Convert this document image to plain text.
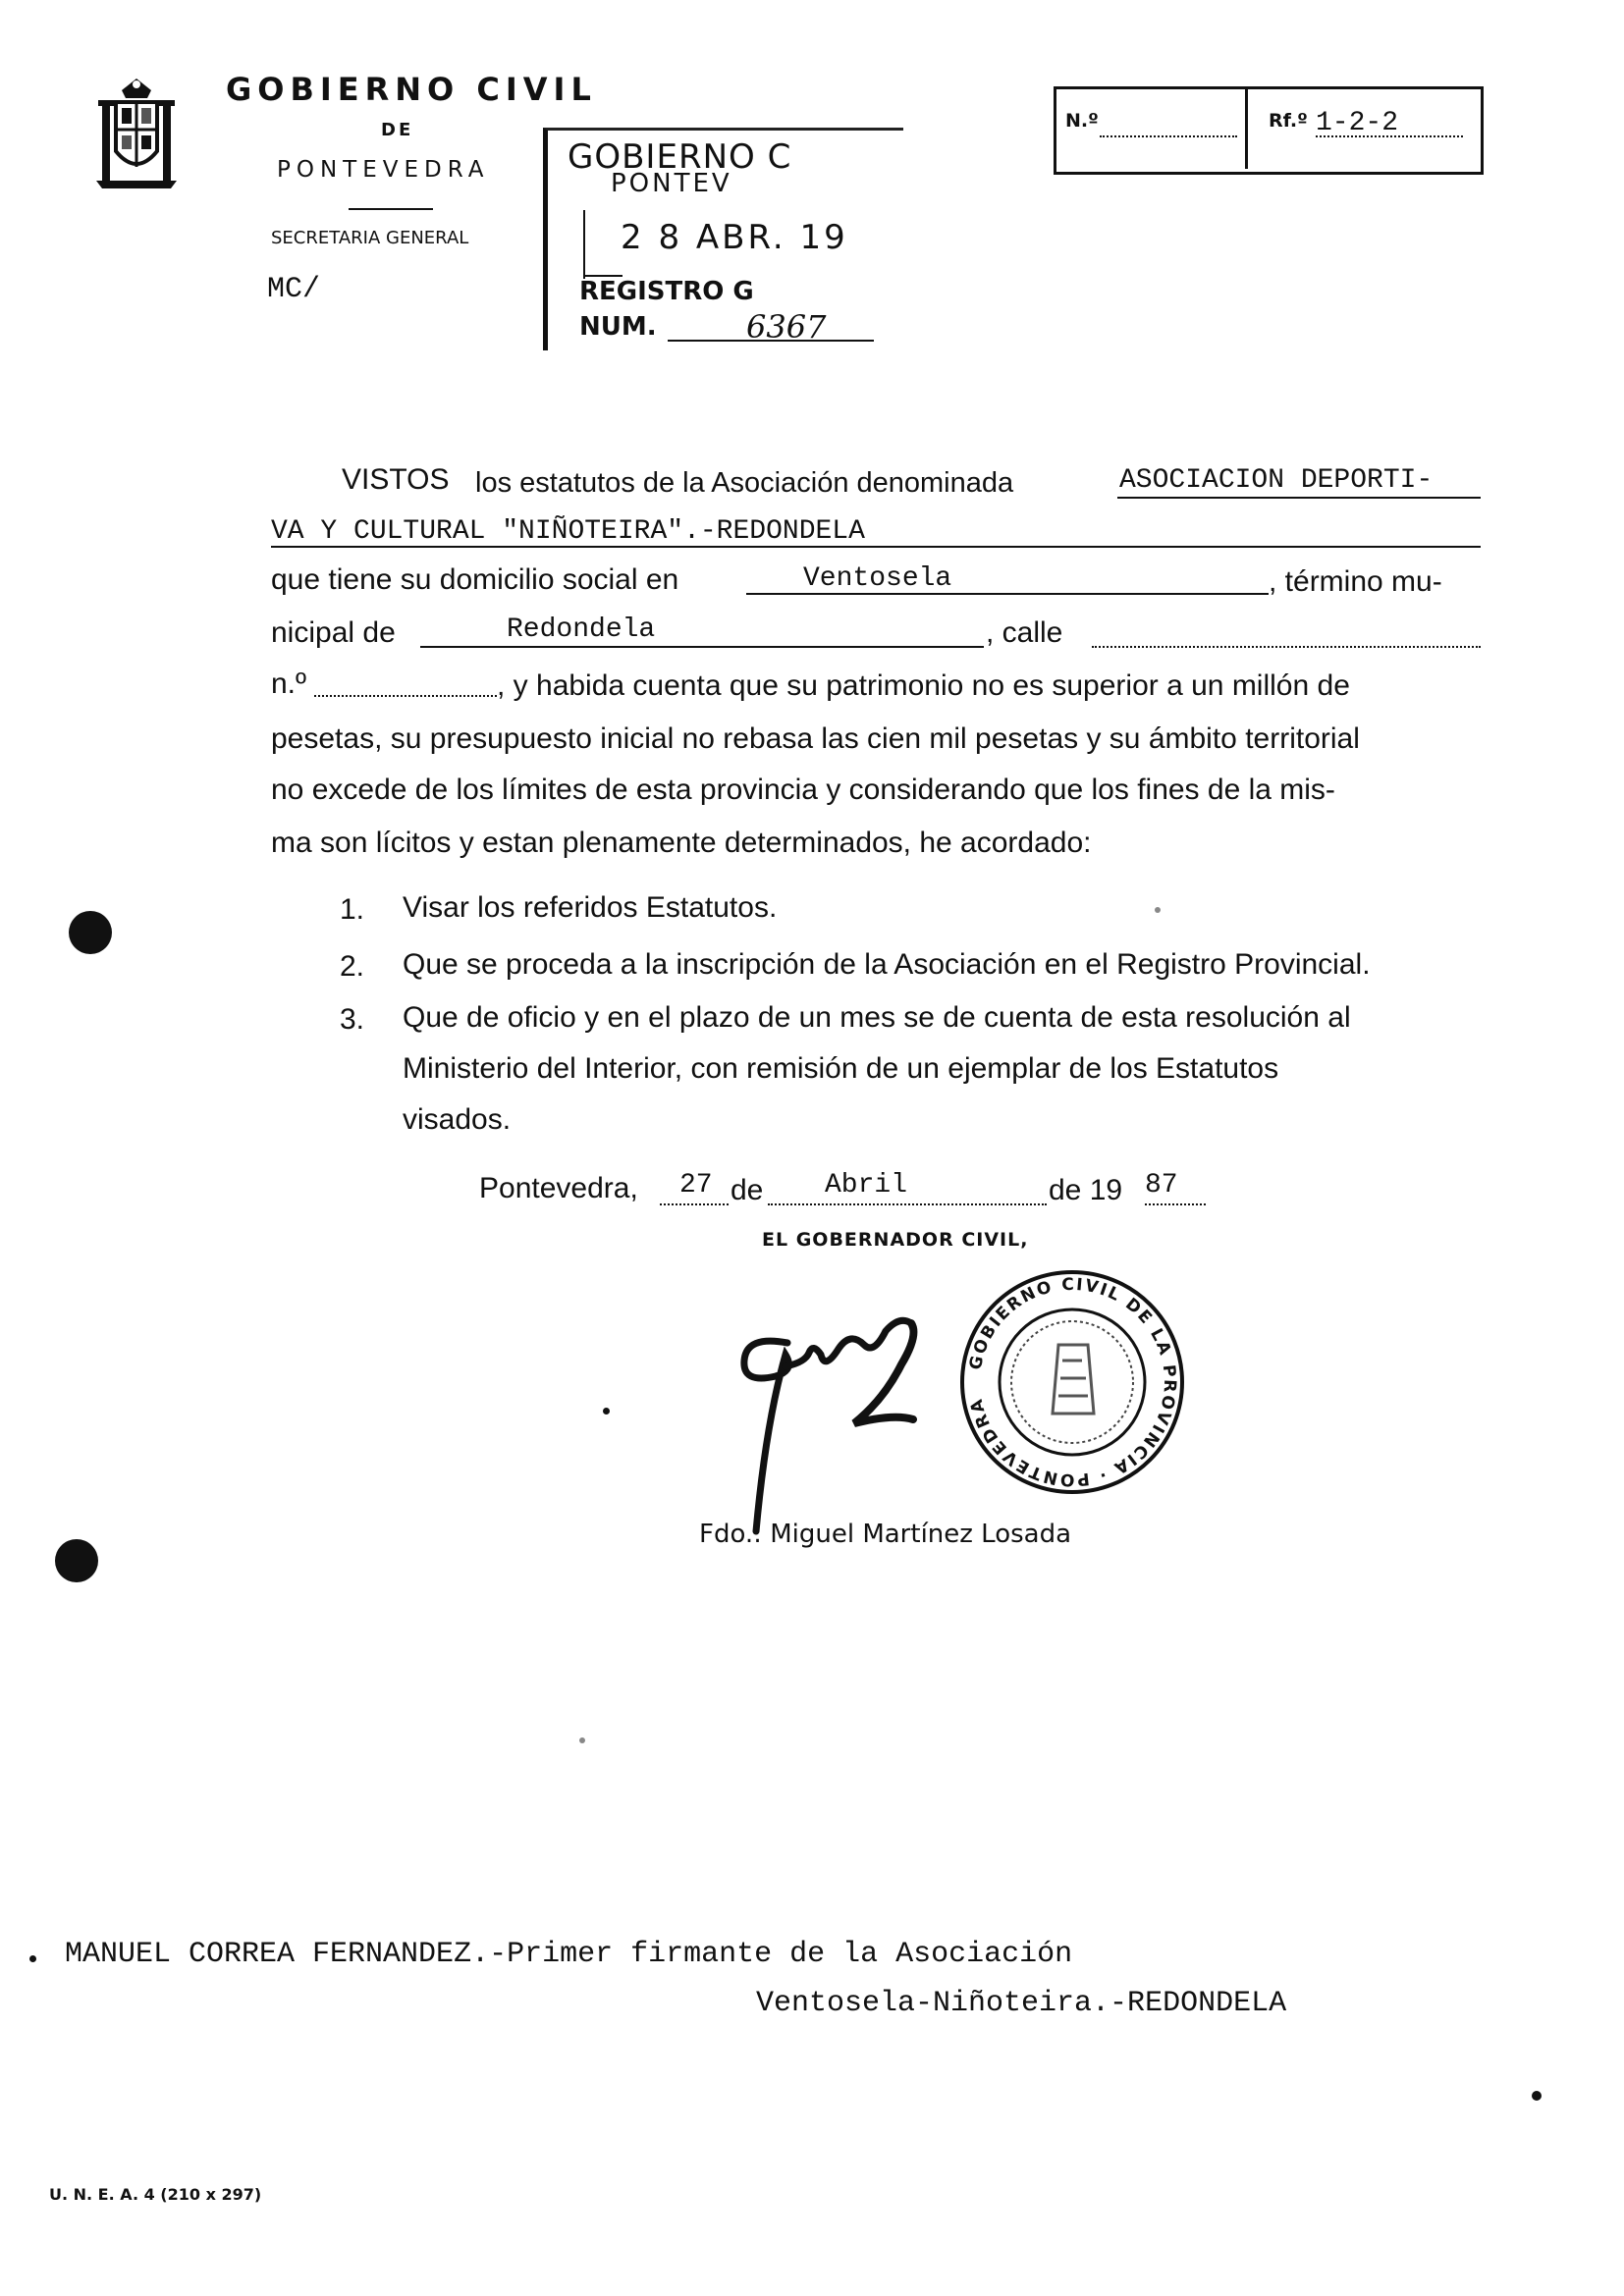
GOBIERNO CIVIL
DE
PONTEVEDRA
SECRETARIA GENERAL
MC/
GOBIERNO C
PONTEV
2 8 ABR. 19
REGISTRO G
NUM.	6367
N.º	Rf.º 1-2-2
VISTOS los estatutos de la Asociación denominada	ASOCIACION DEPORTI-
VA Y CULTURAL "NIÑOTEIRA".-REDONDELA
que tiene su domicilio social en	Ventosela	, término mu-
nicipal de	Redondela	, calle
n.º	, y habida cuenta que su patrimonio no es superior a un millón de
pesetas, su presupuesto inicial no rebasa las cien mil pesetas y su ámbito territorial
no excede de los límites de esta provincia y considerando que los fines de la mis-
ma son lícitos y estan plenamente determinados, he acordado:
1. Visar los referidos Estatutos.
2. Que se proceda a la inscripción de la Asociación en el Registro Provincial.
3. Que de oficio y en el plazo de un mes se de cuenta de esta resolución al
Ministerio del Interior, con remisión de un ejemplar de los Estatutos
visados.
Pontevedra, 27 de Abril	de 19 87
EL GOBERNADOR CIVIL,
GOBIERNO CIVIL DE LA PROVINCIA · PONTEVEDRA
Fdo.: Miguel Martínez Losada
MANUEL CORREA FERNANDEZ.-Primer firmante de la Asociación
Ventosela-Niñoteira.-REDONDELA
U. N. E. A. 4 (210 x 297)
